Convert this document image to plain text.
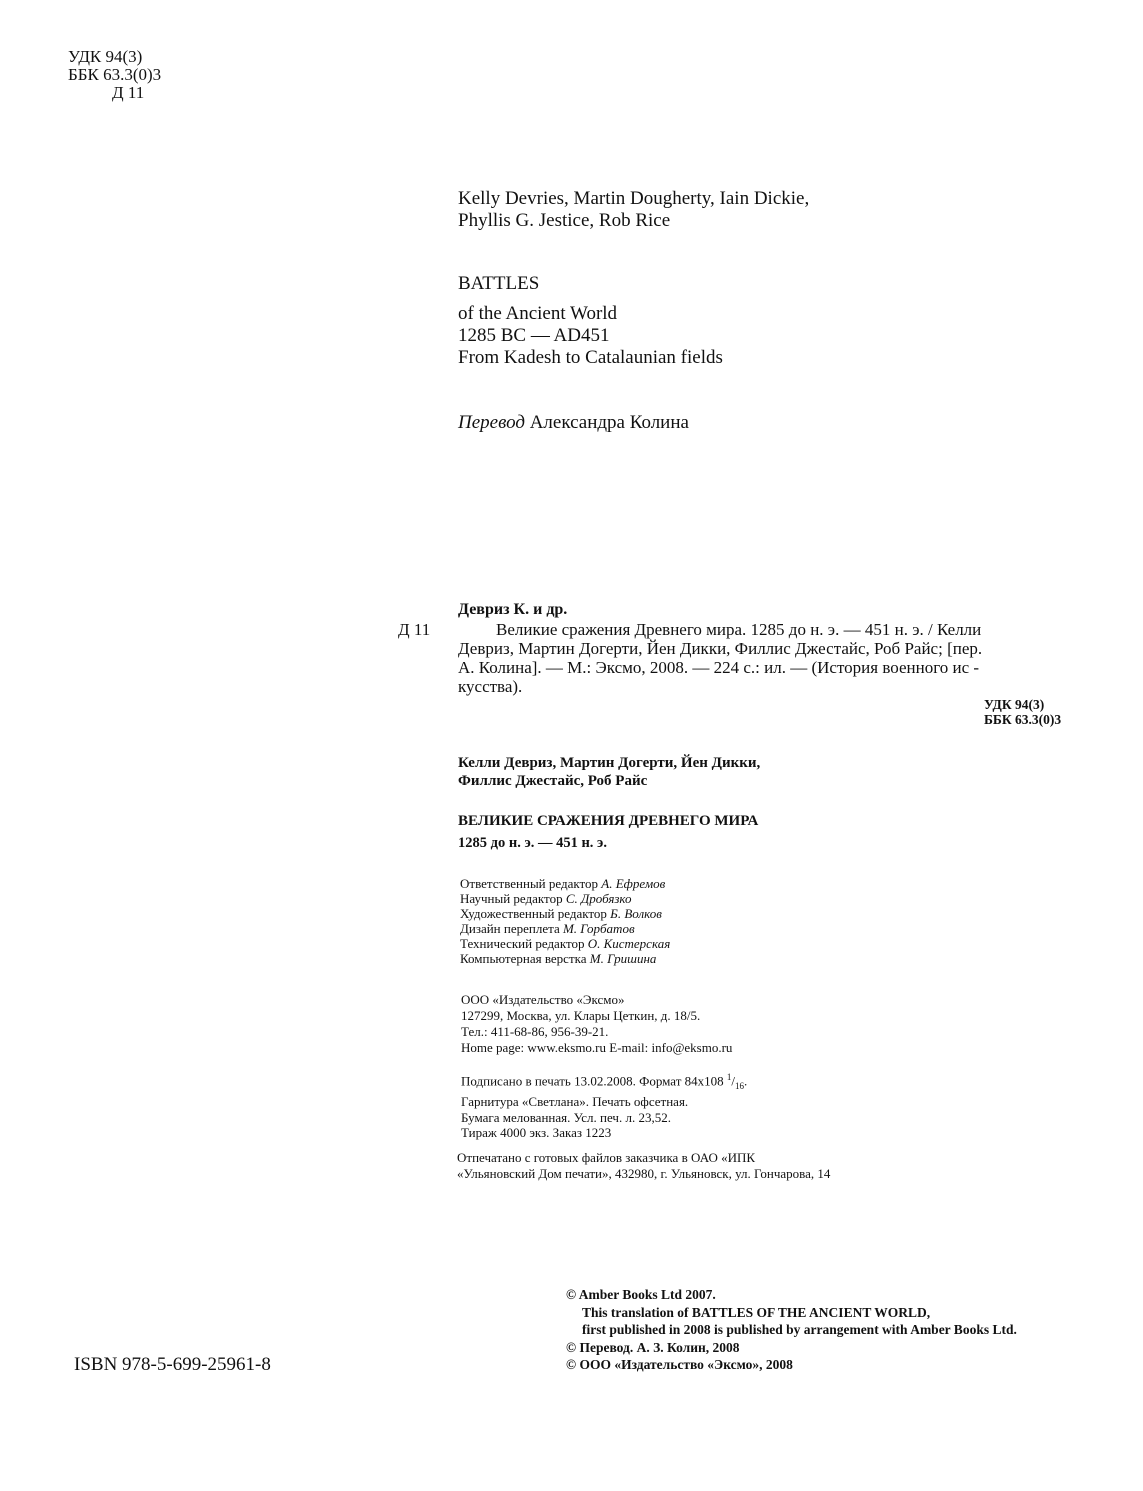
УДК 94(3)
ББК 63.3(0)3
Д 11
Kelly Devries, Martin Dougherty, Iain Dickie,
Phyllis G. Jestice, Rob Rice
BATTLES
of the Ancient World
1285 BC — AD451
From Kadesh to Catalaunian fields
Перевод Александра Колина
Девриз К. и др.
Д 11	Великие сражения Древнего мира. 1285 до н. э. — 451 н. э. / Келли
Девриз, Мартин Догерти, Йен Дикки, Филлис Джестайс, Роб Райс; [пер.
А. Колина]. — М.: Эксмо, 2008. — 224 с.: ил. — (История военного ис -
кусства).
УДК 94(3)
ББК 63.3(0)3
Келли Девриз, Мартин Догерти, Йен Дикки,
Филлис Джестайс, Роб Райс
ВЕЛИКИЕ СРАЖЕНИЯ ДРЕВНЕГО МИРА
1285 до н. э. — 451 н. э.
Ответственный редактор А. Ефремов
Научный редактор С. Дробязко
Художественный редактор Б. Волков
Дизайн переплета М. Горбатов
Технический редактор О. Кистерская
Компьютерная верстка М. Гришина
ООО «Издательство «Эксмо»
127299, Москва, ул. Клары Цеткин, д. 18/5.
Тел.: 411-68-86, 956-39-21.
Home page: www.eksmo.ru E-mail: info@eksmo.ru
Подписано в печать 13.02.2008. Формат 84x108 $^1/_{16}$.
Гарнитура «Светлана». Печать офсетная.
Бумага мелованная. Усл. печ. л. 23,52.
Тираж 4000 экз. Заказ 1223
Отпечатано с готовых файлов заказчика в ОАО «ИПК
«Ульяновский Дом печати», 432980, г. Ульяновск, ул. Гончарова, 14
ISBN 978-5-699-25961-8
© Amber Books Ltd 2007.
This translation of BATTLES OF THE ANCIENT WORLD,
first published in 2008 is published by arrangement with Amber Books Ltd.
© Перевод. А. З. Колин, 2008
© ООО «Издательство «Эксмо», 2008
